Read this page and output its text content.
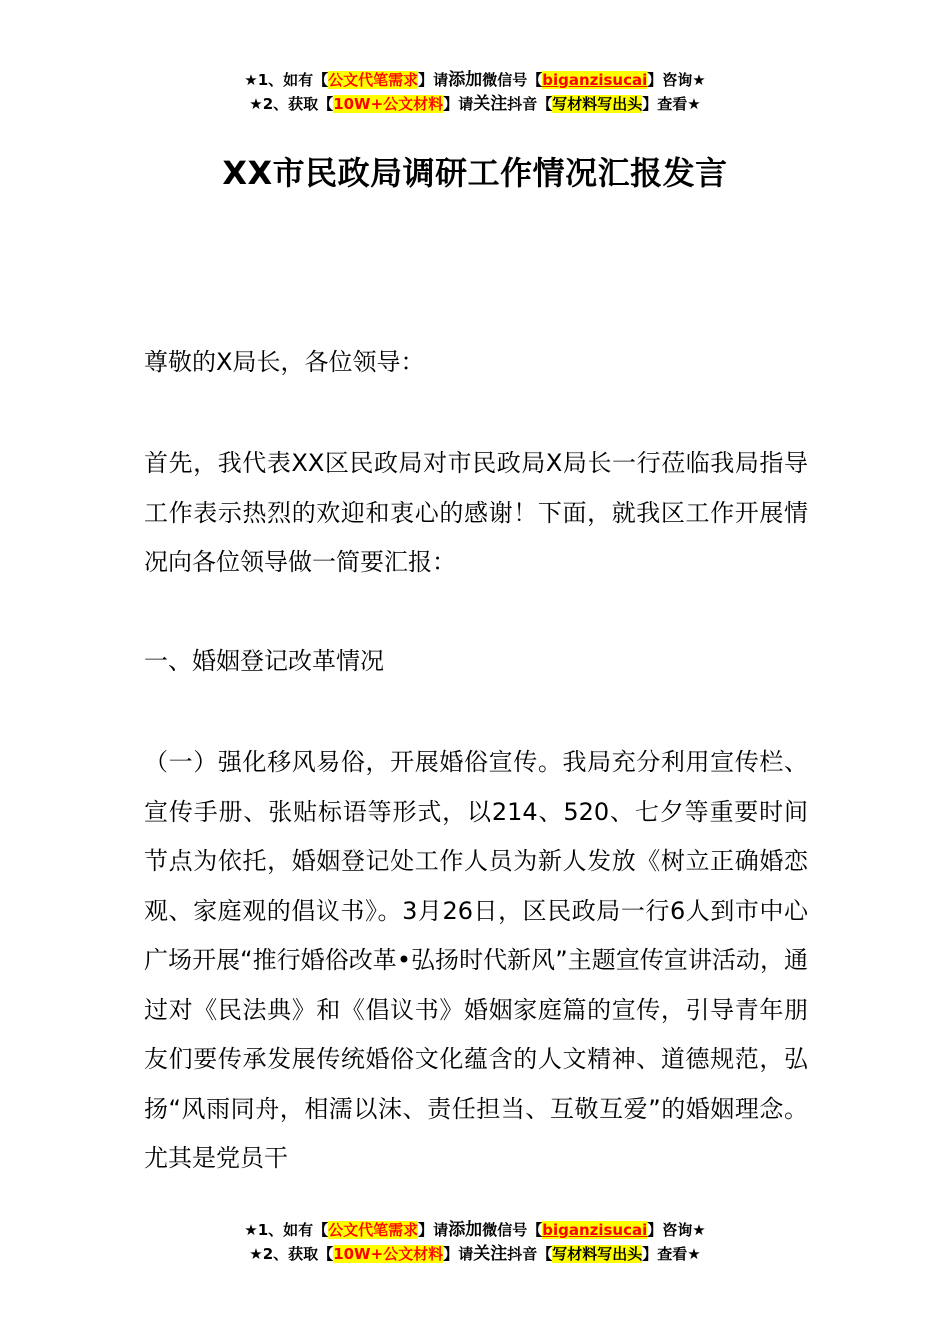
★1、如有【公文代笔需求】请添加微信号【biganzisucai】咨询★
★2、获取【10W+公文材料】请关注抖音【写材料写出头】查看★
XX市民政局调研工作情况汇报发言
尊敬的X局长，各位领导：
首先，我代表XX区民政局对市民政局X局长一行莅临我局指导工作表示热烈的欢迎和衷心的感谢！下面，就我区工作开展情况向各位领导做一简要汇报：
一、婚姻登记改革情况
（一）强化移风易俗，开展婚俗宣传。我局充分利用宣传栏、宣传手册、张贴标语等形式，以214、520、七夕等重要时间节点为依托，婚姻登记处工作人员为新人发放《树立正确婚恋观、家庭观的倡议书》。3月26日，区民政局一行6人到市中心广场开展“推行婚俗改革•弘扬时代新风”主题宣传宣讲活动，通过对《民法典》和《倡议书》婚姻家庭篇的宣传，引导青年朋友们要传承发展传统婚俗文化蕴含的人文精神、道德规范，弘扬“风雨同舟，相濡以沫、责任担当、互敬互爱”的婚姻理念。尤其是党员干
★1、如有【公文代笔需求】请添加微信号【biganzisucai】咨询★
★2、获取【10W+公文材料】请关注抖音【写材料写出头】查看★
